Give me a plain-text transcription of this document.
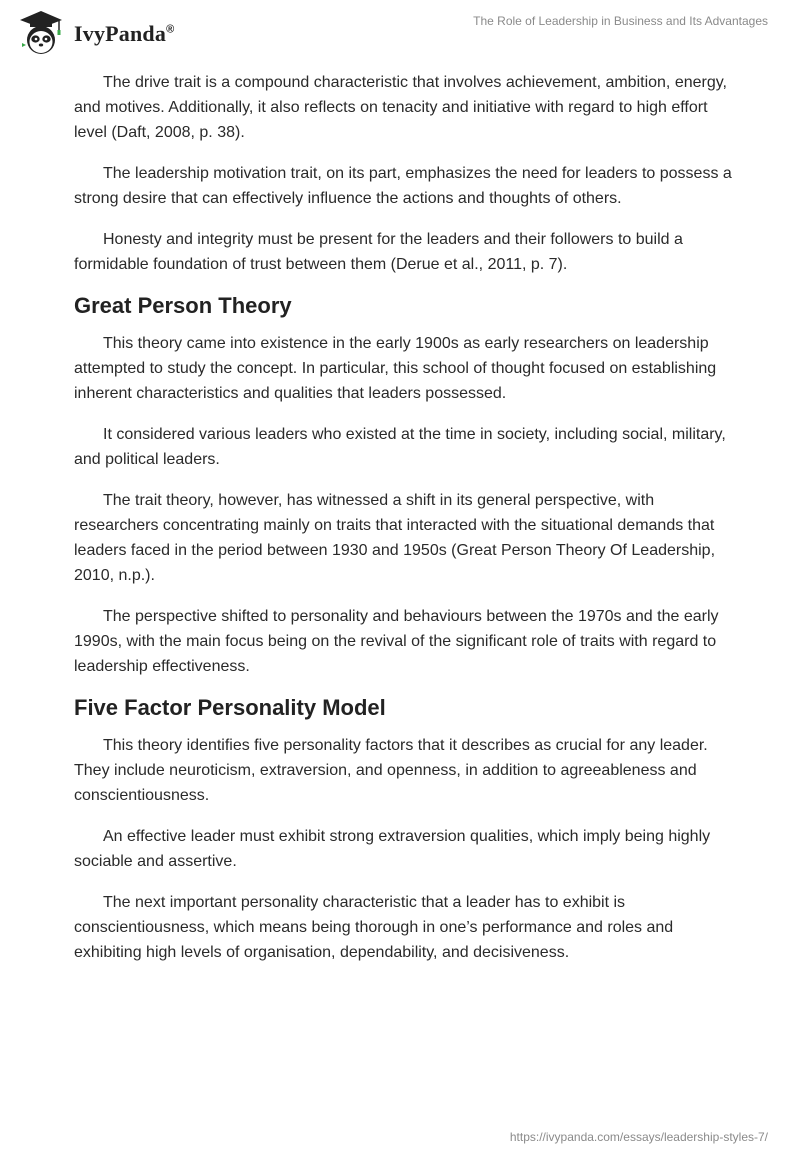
IvyPanda®
The Role of Leadership in Business and Its Advantages

The drive trait is a compound characteristic that involves achievement, ambition, energy, and motives. Additionally, it also reflects on tenacity and initiative with regard to high effort level (Daft, 2008, p. 38).

The leadership motivation trait, on its part, emphasizes the need for leaders to possess a strong desire that can effectively influence the actions and thoughts of others.

Honesty and integrity must be present for the leaders and their followers to build a formidable foundation of trust between them (Derue et al., 2011, p. 7).

Great Person Theory

This theory came into existence in the early 1900s as early researchers on leadership attempted to study the concept. In particular, this school of thought focused on establishing inherent characteristics and qualities that leaders possessed.

It considered various leaders who existed at the time in society, including social, military, and political leaders.

The trait theory, however, has witnessed a shift in its general perspective, with researchers concentrating mainly on traits that interacted with the situational demands that leaders faced in the period between 1930 and 1950s (Great Person Theory Of Leadership, 2010, n.p.).

The perspective shifted to personality and behaviours between the 1970s and the early 1990s, with the main focus being on the revival of the significant role of traits with regard to leadership effectiveness.

Five Factor Personality Model

This theory identifies five personality factors that it describes as crucial for any leader. They include neuroticism, extraversion, and openness, in addition to agreeableness and conscientiousness.

An effective leader must exhibit strong extraversion qualities, which imply being highly sociable and assertive.

The next important personality characteristic that a leader has to exhibit is conscientiousness, which means being thorough in one’s performance and roles and exhibiting high levels of organisation, dependability, and decisiveness.

https://ivypanda.com/essays/leadership-styles-7/
